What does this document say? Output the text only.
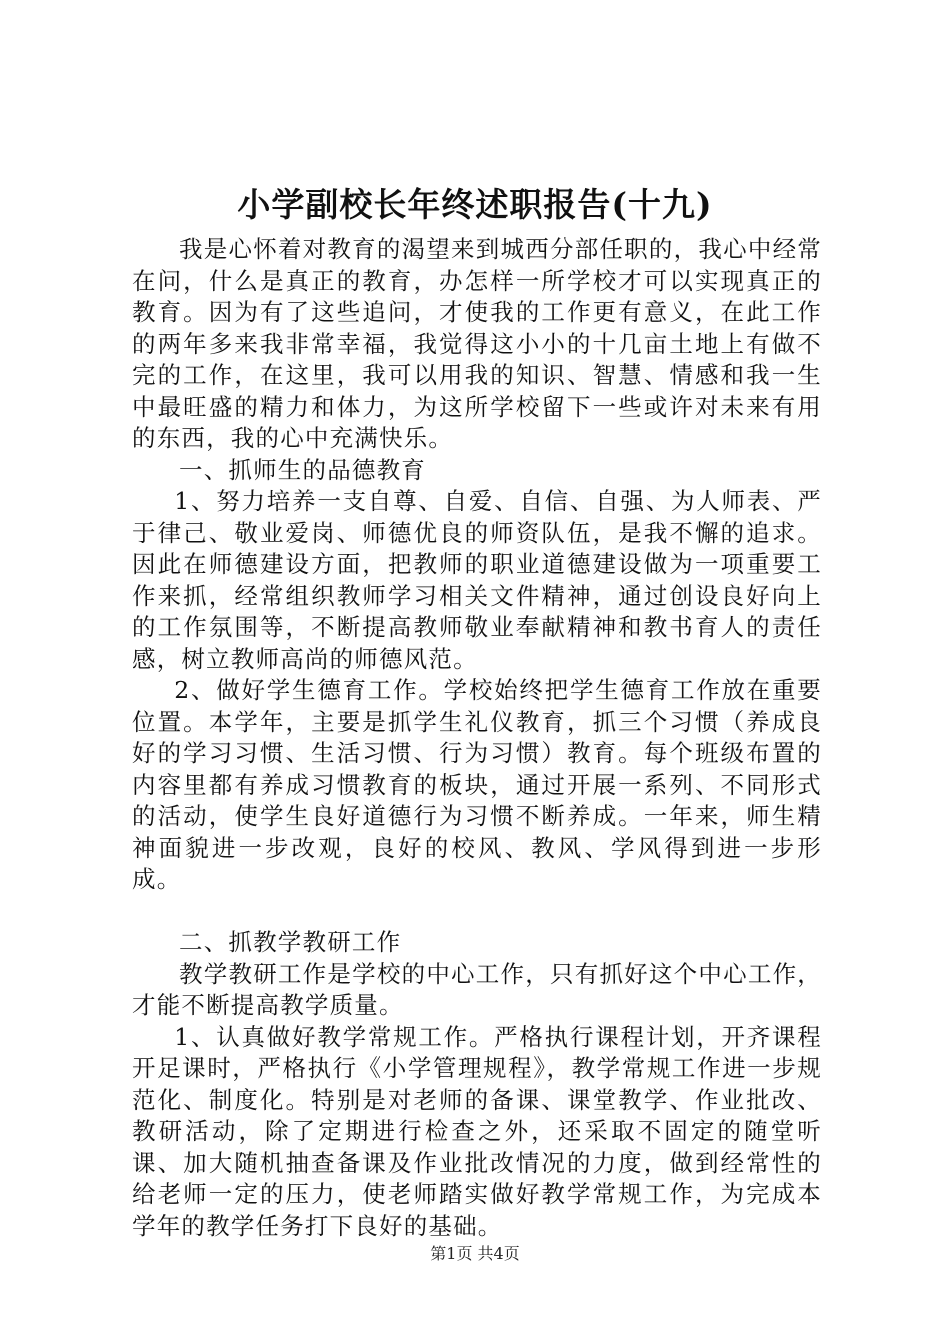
小学副校长年终述职报告(十九)

我是心怀着对教育的渴望来到城西分部任职的，我心中经常在问，什么是真正的教育，办怎样一所学校才可以实现真正的教育。因为有了这些追问，才使我的工作更有意义，在此工作的两年多来我非常幸福，我觉得这小小的十几亩土地上有做不完的工作，在这里，我可以用我的知识、智慧、情感和我一生中最旺盛的精力和体力，为这所学校留下一些或许对未来有用的东西，我的心中充满快乐。

一、抓师生的品德教育

1、努力培养一支自尊、自爱、自信、自强、为人师表、严于律己、敬业爱岗、师德优良的师资队伍，是我不懈的追求。因此在师德建设方面，把教师的职业道德建设做为一项重要工作来抓，经常组织教师学习相关文件精神，通过创设良好向上的工作氛围等，不断提高教师敬业奉献精神和教书育人的责任感，树立教师高尚的师德风范。

2、做好学生德育工作。学校始终把学生德育工作放在重要位置。本学年，主要是抓学生礼仪教育，抓三个习惯（养成良好的学习习惯、生活习惯、行为习惯）教育。每个班级布置的内容里都有养成习惯教育的板块，通过开展一系列、不同形式的活动，使学生良好道德行为习惯不断养成。一年来，师生精神面貌进一步改观，良好的校风、教风、学风得到进一步形成。

二、抓教学教研工作

教学教研工作是学校的中心工作，只有抓好这个中心工作，才能不断提高教学质量。

1、认真做好教学常规工作。严格执行课程计划，开齐课程开足课时，严格执行《小学管理规程》，教学常规工作进一步规范化、制度化。特别是对老师的备课、课堂教学、作业批改、教研活动，除了定期进行检查之外，还采取不固定的随堂听课、加大随机抽查备课及作业批改情况的力度，做到经常性的给老师一定的压力，使老师踏实做好教学常规工作，为完成本学年的教学任务打下良好的基础。

第1页 共4页
